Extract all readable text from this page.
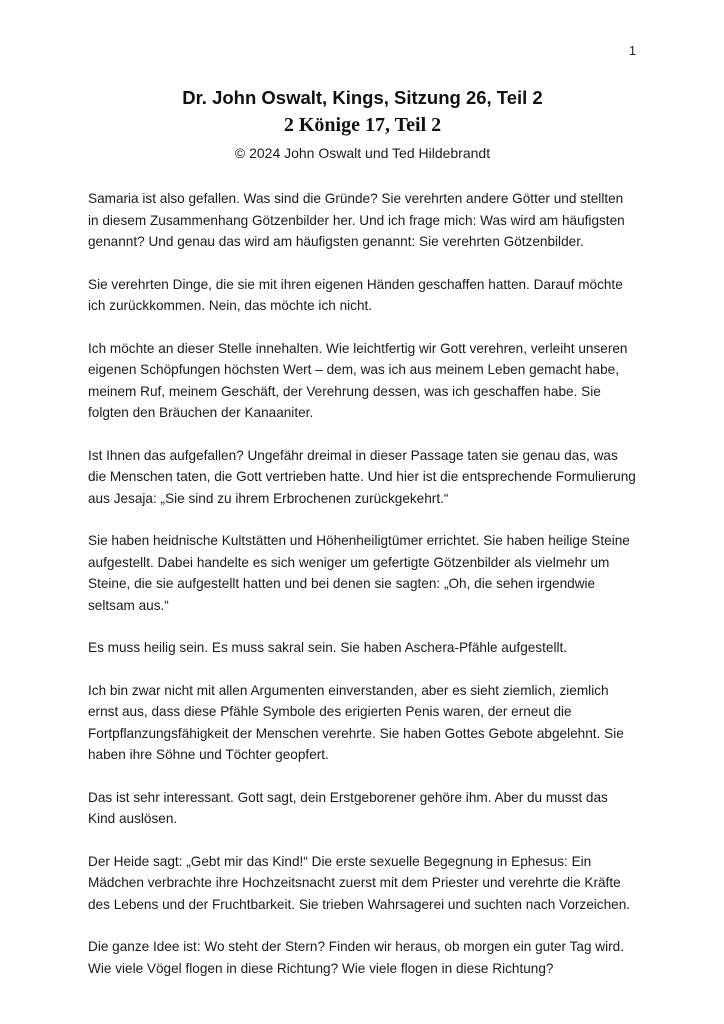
1
Dr. John Oswalt, Kings, Sitzung 26, Teil 2
2 Könige 17, Teil 2
© 2024 John Oswalt und Ted Hildebrandt

Samaria ist also gefallen. Was sind die Gründe? Sie verehrten andere Götter und stellten in diesem Zusammenhang Götzenbilder her. Und ich frage mich: Was wird am häufigsten genannt? Und genau das wird am häufigsten genannt: Sie verehrten Götzenbilder.

Sie verehrten Dinge, die sie mit ihren eigenen Händen geschaffen hatten. Darauf möchte ich zurückkommen. Nein, das möchte ich nicht.

Ich möchte an dieser Stelle innehalten. Wie leichtfertig wir Gott verehren, verleiht unseren eigenen Schöpfungen höchsten Wert – dem, was ich aus meinem Leben gemacht habe, meinem Ruf, meinem Geschäft, der Verehrung dessen, was ich geschaffen habe. Sie folgten den Bräuchen der Kanaaniter.

Ist Ihnen das aufgefallen? Ungefähr dreimal in dieser Passage taten sie genau das, was die Menschen taten, die Gott vertrieben hatte. Und hier ist die entsprechende Formulierung aus Jesaja: „Sie sind zu ihrem Erbrochenen zurückgekehrt.“

Sie haben heidnische Kultstätten und Höhenheiligtümer errichtet. Sie haben heilige Steine aufgestellt. Dabei handelte es sich weniger um gefertigte Götzenbilder als vielmehr um Steine, die sie aufgestellt hatten und bei denen sie sagten: „Oh, die sehen irgendwie seltsam aus.“

Es muss heilig sein. Es muss sakral sein. Sie haben Aschera-Pfähle aufgestellt.

Ich bin zwar nicht mit allen Argumenten einverstanden, aber es sieht ziemlich, ziemlich ernst aus, dass diese Pfähle Symbole des erigierten Penis waren, der erneut die Fortpflanzungsfähigkeit der Menschen verehrte. Sie haben Gottes Gebote abgelehnt. Sie haben ihre Söhne und Töchter geopfert.

Das ist sehr interessant. Gott sagt, dein Erstgeborener gehöre ihm. Aber du musst das Kind auslösen.

Der Heide sagt: „Gebt mir das Kind!“ Die erste sexuelle Begegnung in Ephesus: Ein Mädchen verbrachte ihre Hochzeitsnacht zuerst mit dem Priester und verehrte die Kräfte des Lebens und der Fruchtbarkeit. Sie trieben Wahrsagerei und suchten nach Vorzeichen.

Die ganze Idee ist: Wo steht der Stern? Finden wir heraus, ob morgen ein guter Tag wird. Wie viele Vögel flogen in diese Richtung? Wie viele flogen in diese Richtung?
